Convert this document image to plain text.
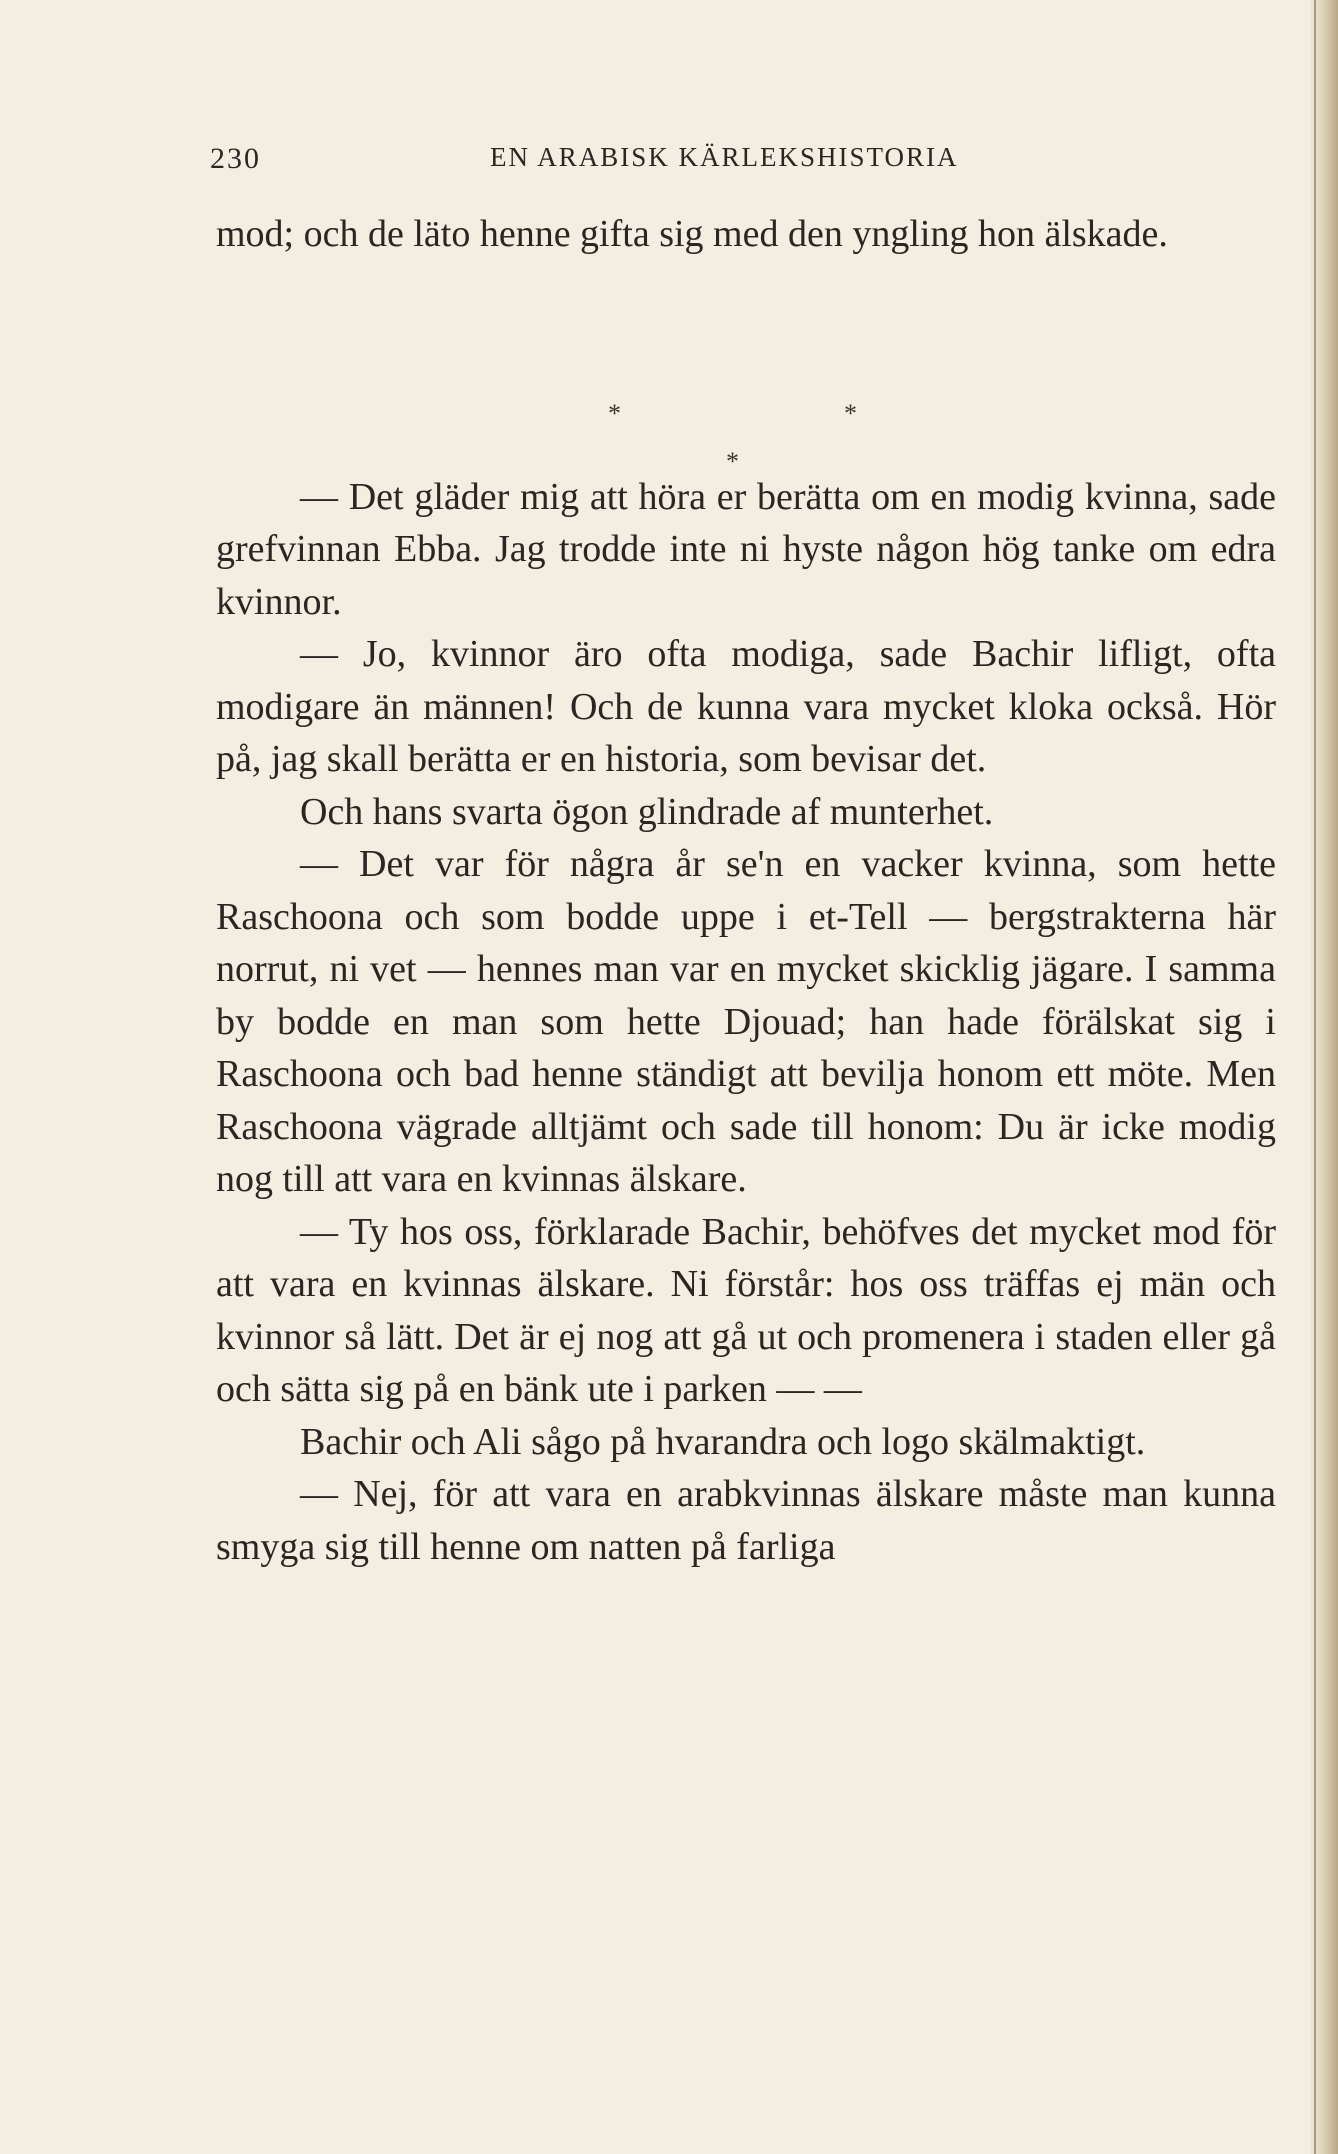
230	EN ARABISK KÄRLEKSHISTORIA

mod; och de läto henne gifta sig med den yngling hon älskade.

*	*
*

— Det gläder mig att höra er berätta om en modig kvinna, sade grefvinnan Ebba. Jag trodde inte ni hyste någon hög tanke om edra kvinnor.

— Jo, kvinnor äro ofta modiga, sade Bachir lifligt, ofta modigare än männen! Och de kunna vara mycket kloka också. Hör på, jag skall berätta er en historia, som bevisar det.

Och hans svarta ögon glindrade af munterhet.

— Det var för några år se'n en vacker kvinna, som hette Raschoona och som bodde uppe i et-Tell — bergstrakterna här norrut, ni vet — hennes man var en mycket skicklig jägare. I samma by bodde en man som hette Djouad; han hade förälskat sig i Raschoona och bad henne ständigt att bevilja honom ett möte. Men Raschoona vägrade alltjämt och sade till honom: Du är icke modig nog till att vara en kvinnas älskare.

— Ty hos oss, förklarade Bachir, behöfves det mycket mod för att vara en kvinnas älskare. Ni förstår: hos oss träffas ej män och kvinnor så lätt. Det är ej nog att gå ut och promenera i staden eller gå och sätta sig på en bänk ute i parken — —

Bachir och Ali sågo på hvarandra och logo skälmaktigt.

— Nej, för att vara en arabkvinnas älskare måste man kunna smyga sig till henne om natten på farliga
